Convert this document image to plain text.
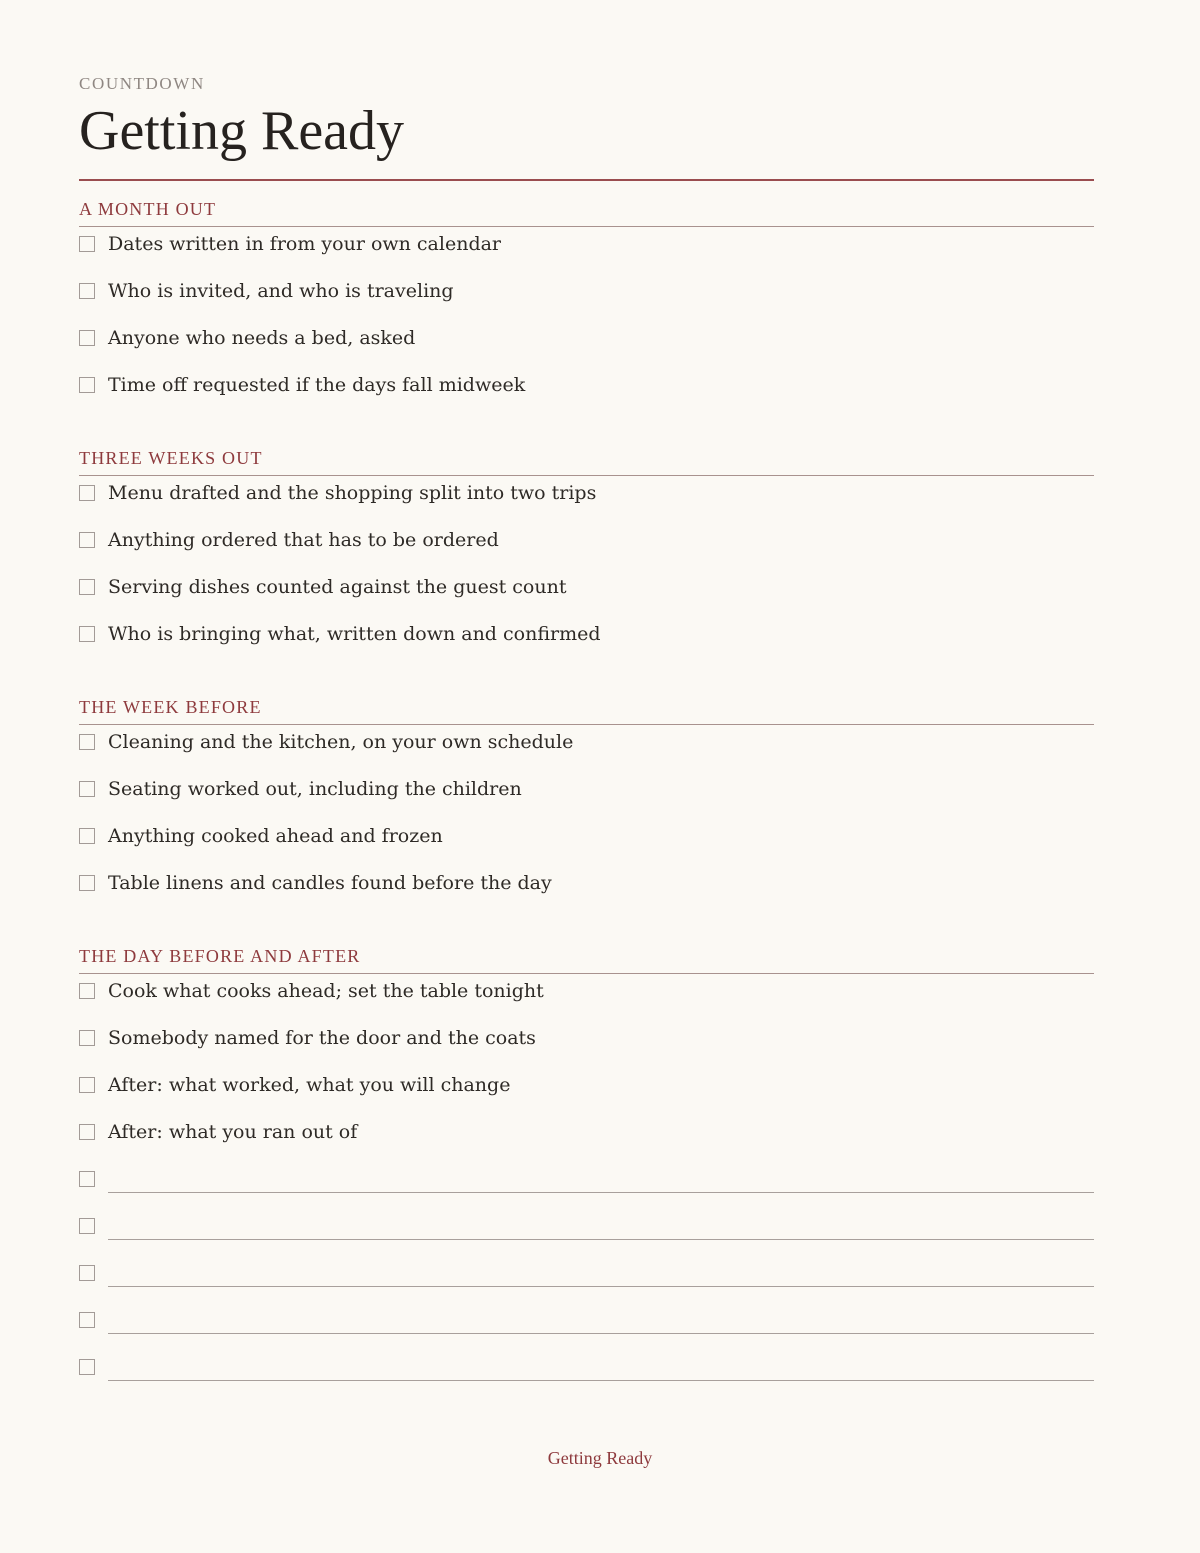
COUNTDOWN
Getting Ready
A MONTH OUT
Dates written in from your own calendar
Who is invited, and who is traveling
Anyone who needs a bed, asked
Time off requested if the days fall midweek
THREE WEEKS OUT
Menu drafted and the shopping split into two trips
Anything ordered that has to be ordered
Serving dishes counted against the guest count
Who is bringing what, written down and confirmed
THE WEEK BEFORE
Cleaning and the kitchen, on your own schedule
Seating worked out, including the children
Anything cooked ahead and frozen
Table linens and candles found before the day
THE DAY BEFORE AND AFTER
Cook what cooks ahead; set the table tonight
Somebody named for the door and the coats
After: what worked, what you will change
After: what you ran out of
Getting Ready
